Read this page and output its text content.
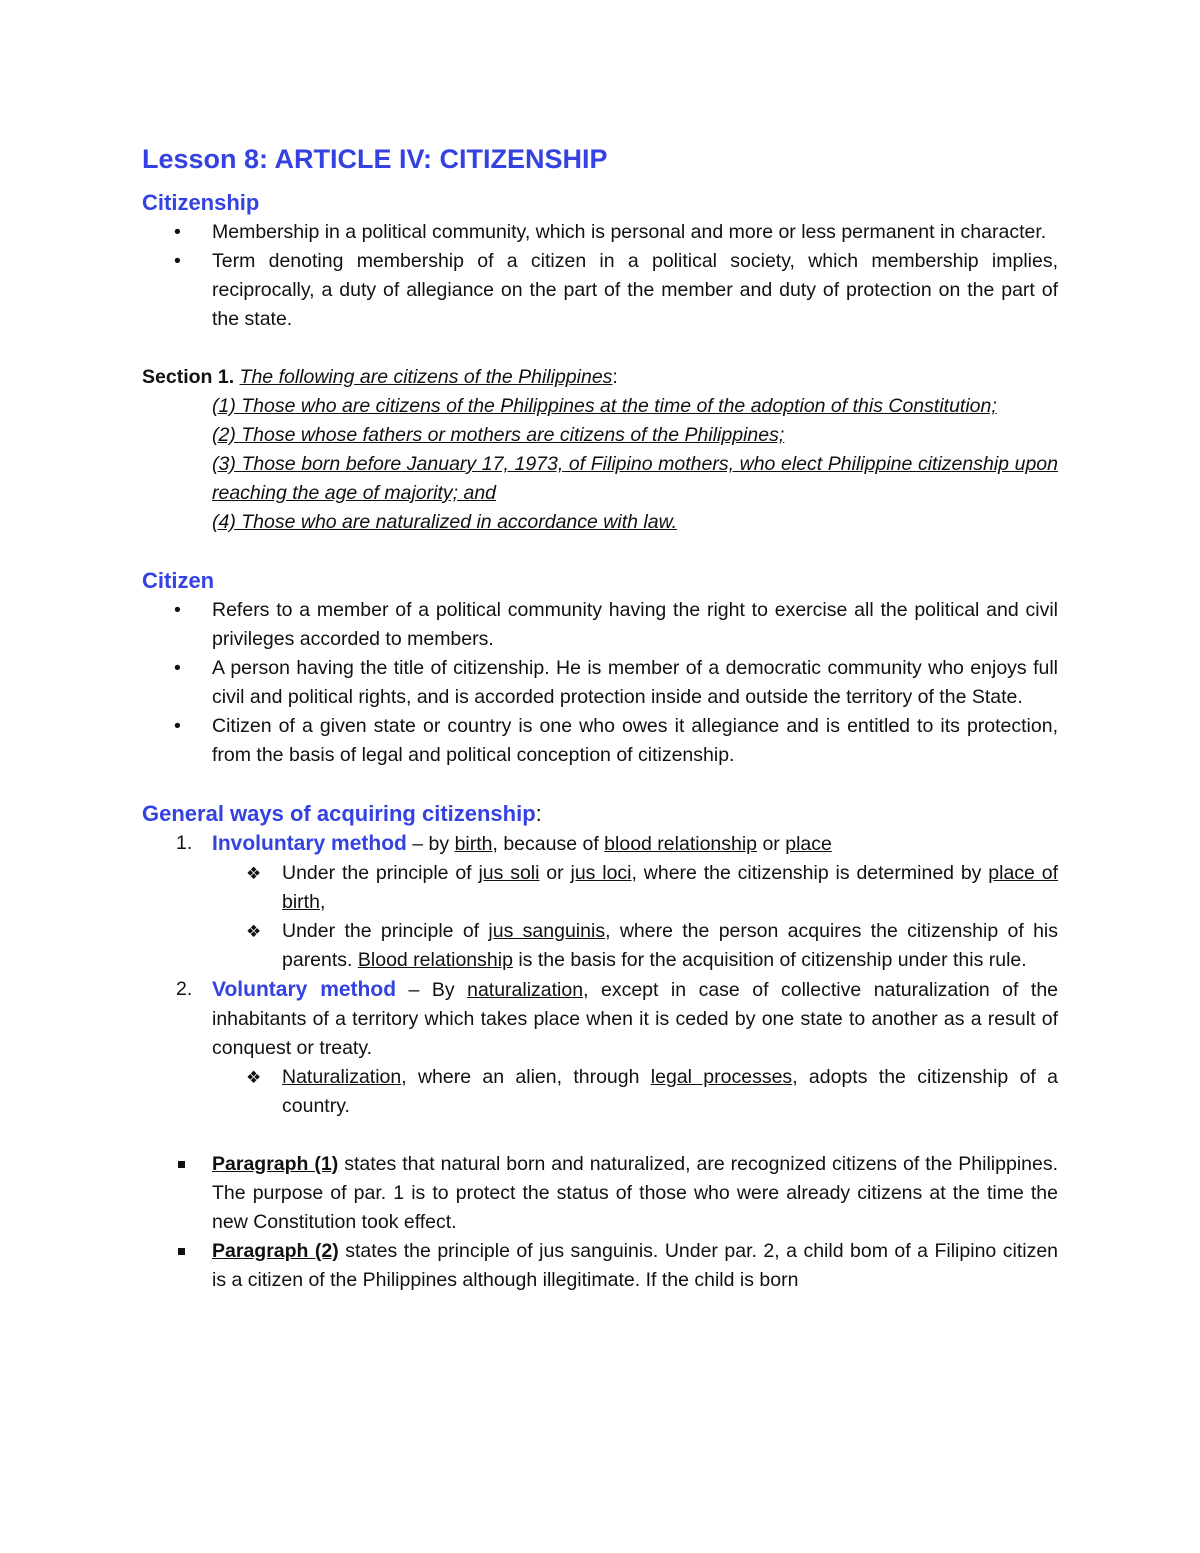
Lesson 8: ARTICLE IV: CITIZENSHIP
Citizenship
• Membership in a political community, which is personal and more or less permanent in character.
• Term denoting membership of a citizen in a political society, which membership implies, reciprocally, a duty of allegiance on the part of the member and duty of protection on the part of the state.
Section 1. The following are citizens of the Philippines:
(1) Those who are citizens of the Philippines at the time of the adoption of this Constitution;
(2) Those whose fathers or mothers are citizens of the Philippines;
(3) Those born before January 17, 1973, of Filipino mothers, who elect Philippine citizenship upon reaching the age of majority; and
(4) Those who are naturalized in accordance with law.
Citizen
• Refers to a member of a political community having the right to exercise all the political and civil privileges accorded to members.
• A person having the title of citizenship. He is member of a democratic community who enjoys full civil and political rights, and is accorded protection inside and outside the territory of the State.
• Citizen of a given state or country is one who owes it allegiance and is entitled to its protection, from the basis of legal and political conception of citizenship.
General ways of acquiring citizenship:
1. Involuntary method – by birth, because of blood relationship or place
❖ Under the principle of jus soli or jus loci, where the citizenship is determined by place of birth,
❖ Under the principle of jus sanguinis, where the person acquires the citizenship of his parents. Blood relationship is the basis for the acquisition of citizenship under this rule.
2. Voluntary method – By naturalization, except in case of collective naturalization of the inhabitants of a territory which takes place when it is ceded by one state to another as a result of conquest or treaty.
❖ Naturalization, where an alien, through legal processes, adopts the citizenship of a country.
Paragraph (1) states that natural born and naturalized, are recognized citizens of the Philippines. The purpose of par. 1 is to protect the status of those who were already citizens at the time the new Constitution took effect.
Paragraph (2) states the principle of jus sanguinis. Under par. 2, a child bom of a Filipino citizen is a citizen of the Philippines although illegitimate. If the child is born
